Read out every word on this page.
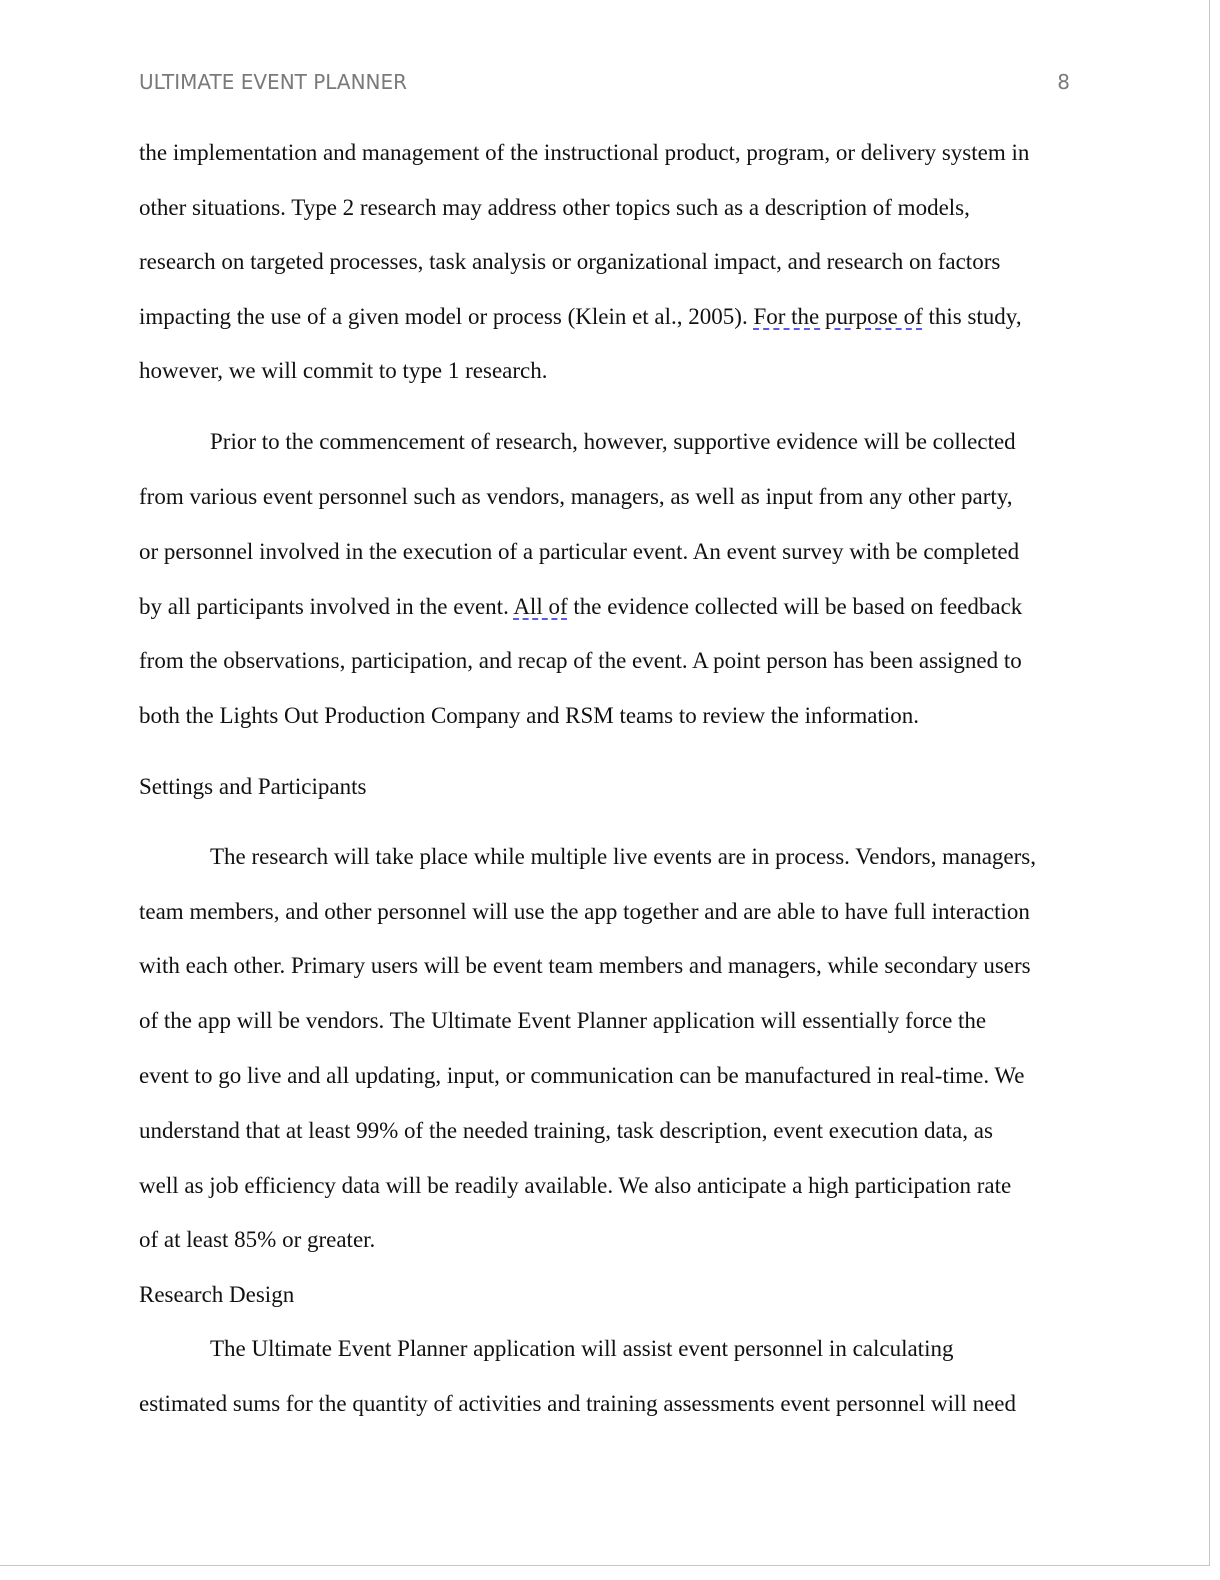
ULTIMATE EVENT PLANNER	8
the implementation and management of the instructional product, program, or delivery system in
other situations. Type 2 research may address other topics such as a description of models,
research on targeted processes, task analysis or organizational impact, and research on factors
impacting the use of a given model or process (Klein et al., 2005). For the purpose of this study,
however, we will commit to type 1 research.
Prior to the commencement of research, however, supportive evidence will be collected
from various event personnel such as vendors, managers, as well as input from any other party,
or personnel involved in the execution of a particular event. An event survey with be completed
by all participants involved in the event. All of the evidence collected will be based on feedback
from the observations, participation, and recap of the event. A point person has been assigned to
both the Lights Out Production Company and RSM teams to review the information.
Settings and Participants
The research will take place while multiple live events are in process. Vendors, managers,
team members, and other personnel will use the app together and are able to have full interaction
with each other. Primary users will be event team members and managers, while secondary users
of the app will be vendors. The Ultimate Event Planner application will essentially force the
event to go live and all updating, input, or communication can be manufactured in real-time. We
understand that at least 99% of the needed training, task description, event execution data, as
well as job efficiency data will be readily available. We also anticipate a high participation rate
of at least 85% or greater.
Research Design
The Ultimate Event Planner application will assist event personnel in calculating
estimated sums for the quantity of activities and training assessments event personnel will need
